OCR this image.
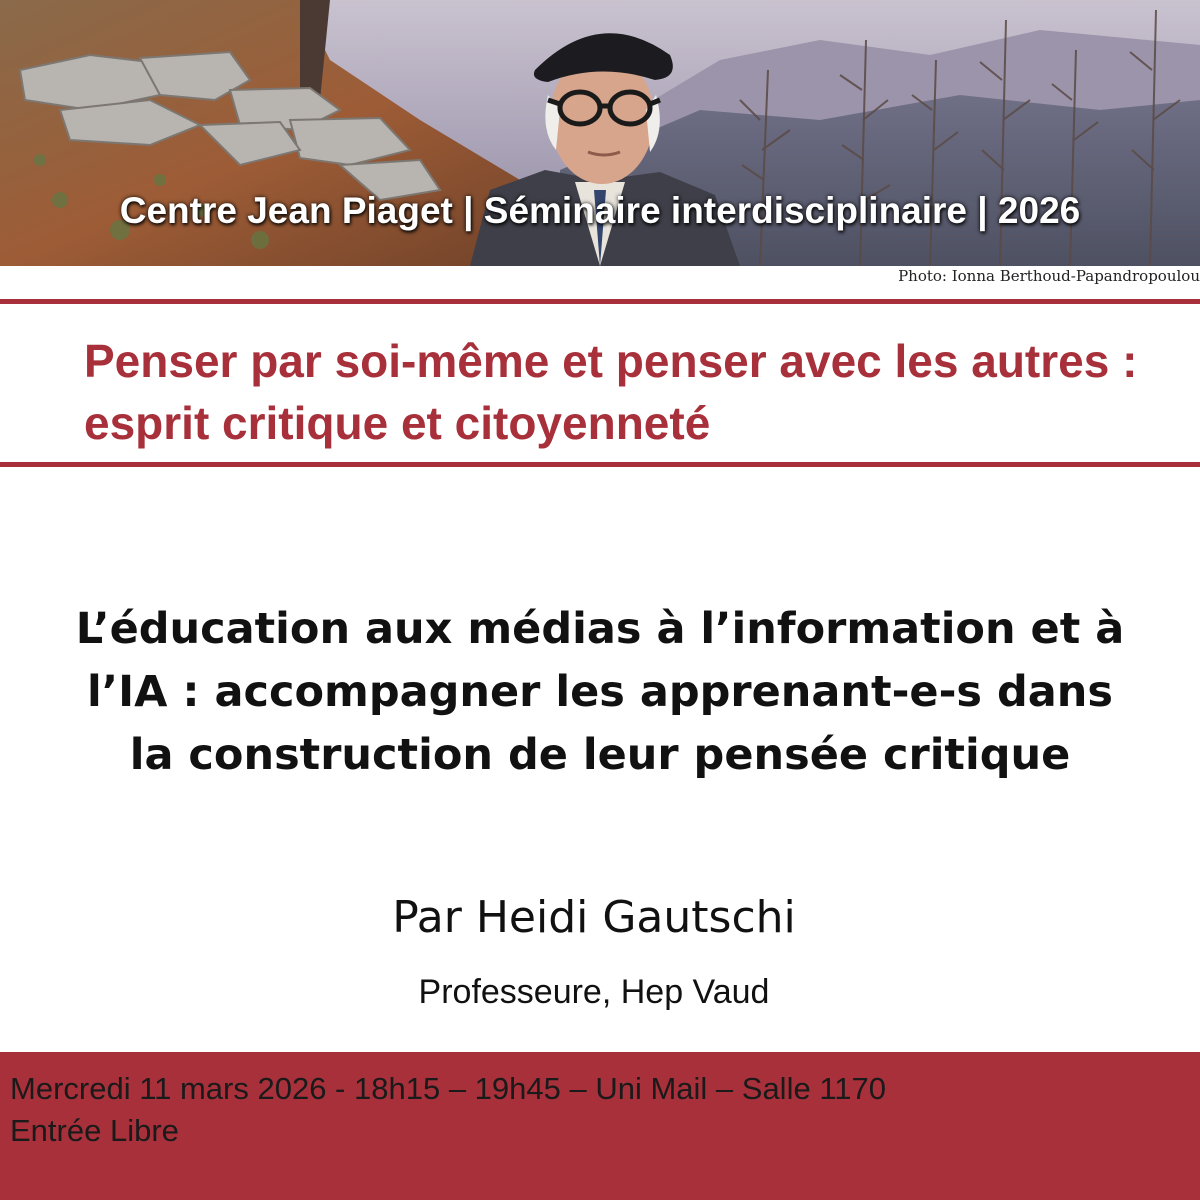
Centre Jean Piaget | Séminaire interdisciplinaire | 2026
Photo: Ionna Berthoud-Papandropoulou
Penser par soi-même et penser avec les autres : esprit critique et citoyenneté
L’éducation aux médias à l’information et à
l’IA : accompagner les apprenant-e-s dans
la construction de leur pensée critique
Par Heidi Gautschi
Professeure, Hep Vaud
Mercredi 11 mars 2026 - 18h15 – 19h45 – Uni Mail – Salle 1170
Entrée Libre
